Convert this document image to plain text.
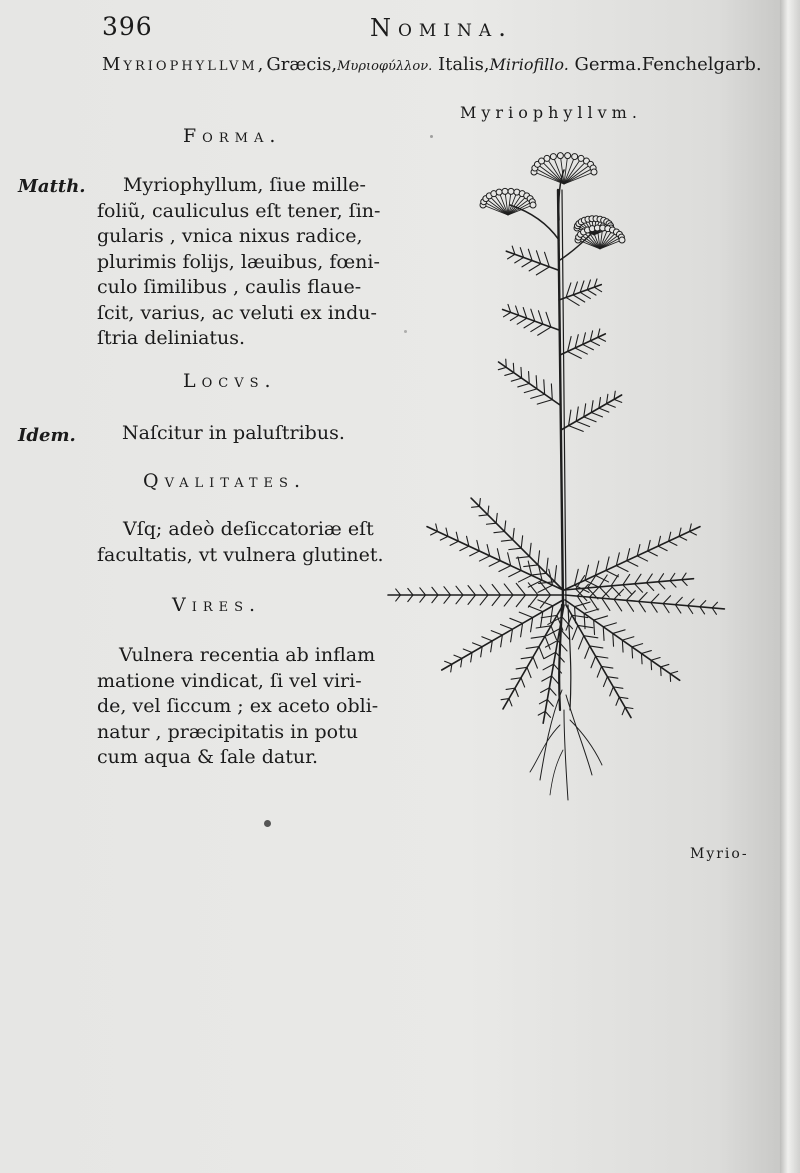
396	Nomina.
Myriophyllvm,Græcis,Μυριοφύλλον. Italis,Miriofillo. Germa.Fenchelgarb.
Myriophyllvm.
Forma.
Matth.	Myriophyllum, ſiue mille-
foliũ, cauliculus eſt tener, ſin-
gularis , vnica nixus radice,
plurimis folijs, læuibus, fœni-
culo ſimilibus , caulis flaue-
ſcit, varius, ac veluti ex indu-
ſtria deliniatus.
Locvs.
Idem. Naſcitur in paluſtribus.
Qvalitates.
Vſq; adeò deſiccatoriæ eſt
facultatis, vt vulnera glutinet.
Vires.
Vulnera recentia ab inflam
matione vindicat, ſi vel viri-
de, vel ſiccum ; ex aceto obli-
natur , præcipitatis in potu
cum aqua & ſale datur.
Myrio-
